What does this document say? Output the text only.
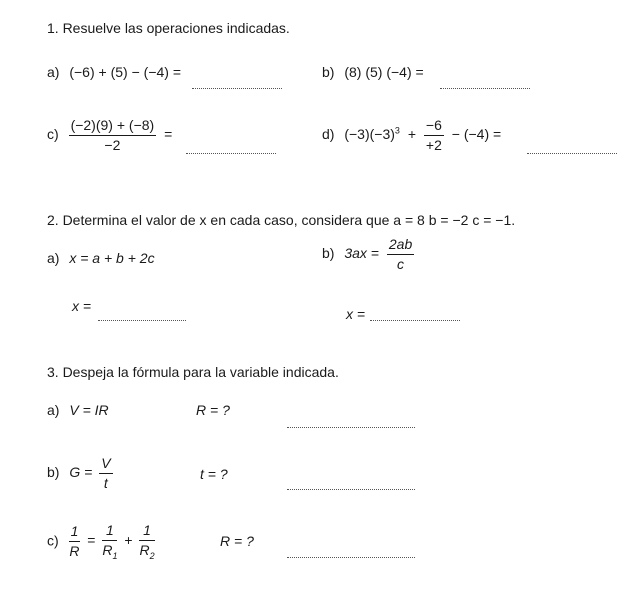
1. Resuelve las operaciones indicadas.
a) (−6) + (5) − (−4) =	b) (8) (5) (−4) =
$c) \frac{(-2)(9) + (-8)}{-2}$ =	d) $(-3)(-3)^3 + \frac{-6}{+2} - (-4)$ =
2. Determina el valor de x en cada caso, considera que a = 8 b = −2 c = −1.
a) x = a + b + 2c	b) $3ax = \frac{2ab}{c}$
x =	x =
3. Despeja la fórmula para la variable indicada.
a) V = IR	R = ?
b) $G = \frac{V}{t}$	t = ?
$c) \frac{1}{R} = \frac{1}{R_1} + \frac{1}{R_2}$	R = ?
